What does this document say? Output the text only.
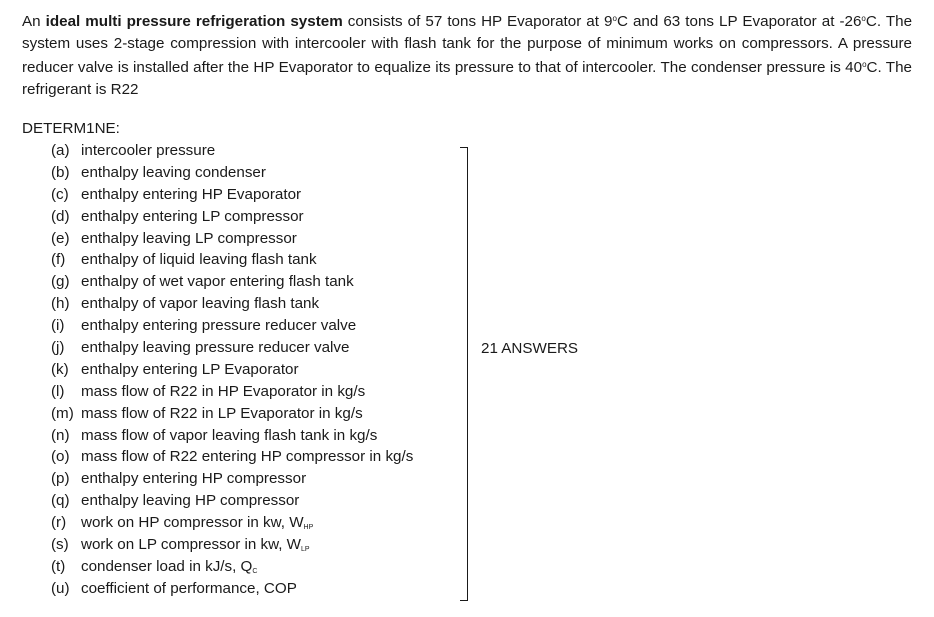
An ideal multi pressure refrigeration system consists of 57 tons HP Evaporator at 9$^o$C and 63 tons LP Evaporator at -26$^o$C. The system uses 2-stage compression with intercooler with flash tank for the purpose of minimum works on compressors. A pressure reducer valve is installed after the HP Evaporator to equalize its pressure to that of intercooler. The condenser pressure is 40$^o$C. The refrigerant is R22
DETERM1NE:
(a) intercooler pressure
(b) enthalpy leaving condenser
(c) enthalpy entering HP Evaporator
(d) enthalpy entering LP compressor
(e) enthalpy leaving LP compressor
(f) enthalpy of liquid leaving flash tank
(g) enthalpy of wet vapor entering flash tank
(h) enthalpy of vapor leaving flash tank
(i) enthalpy entering pressure reducer valve
(j) enthalpy leaving pressure reducer valve
(k) enthalpy entering LP Evaporator
(l) mass flow of R22 in HP Evaporator in kg/s
(m) mass flow of R22 in LP Evaporator in kg/s
(n) mass flow of vapor leaving flash tank in kg/s
(o) mass flow of R22 entering HP compressor in kg/s
(p) enthalpy entering HP compressor
(q) enthalpy leaving HP compressor
(r) work on HP compressor in kw, $W_{HP}$
(s) work on LP compressor in kw, $W_{LP}$
(t) condenser load in kJ/s, $Q_C$
(u) coefficient of performance, COP
21 ANSWERS
